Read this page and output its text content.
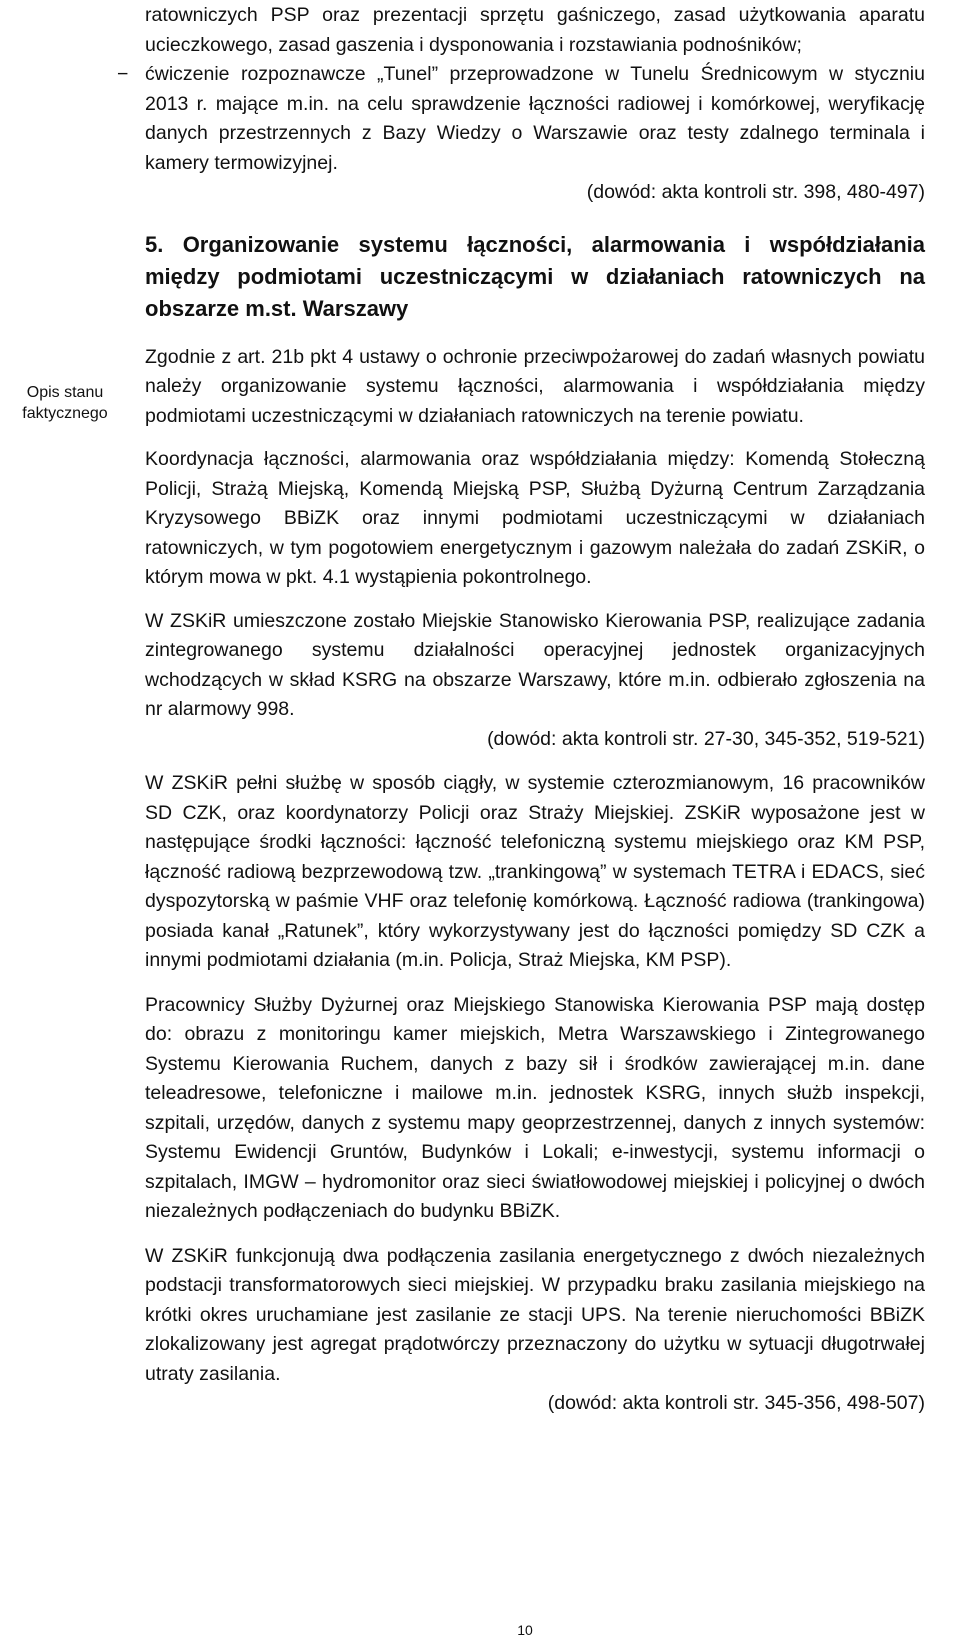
ratowniczych PSP oraz prezentacji sprzętu gaśniczego, zasad użytkowania aparatu ucieczkowego, zasad gaszenia i dysponowania i rozstawiania podnośników;

− ćwiczenie rozpoznawcze „Tunel” przeprowadzone w Tunelu Średnicowym w styczniu 2013 r. mające m.in. na celu sprawdzenie łączności radiowej i komórkowej, weryfikację danych przestrzennych z Bazy Wiedzy o Warszawie oraz testy zdalnego terminala i kamery termowizyjnej.

(dowód: akta kontroli str. 398, 480-497)

5. Organizowanie systemu łączności, alarmowania i współdziałania między podmiotami uczestniczącymi w działaniach ratowniczych na obszarze m.st. Warszawy

Zgodnie z art. 21b pkt 4 ustawy o ochronie przeciwpożarowej do zadań własnych powiatu należy organizowanie systemu łączności, alarmowania i współdziałania między podmiotami uczestniczącymi w działaniach ratowniczych na terenie powiatu.

Koordynacja łączności, alarmowania oraz współdziałania między: Komendą Stołeczną Policji, Strażą Miejską, Komendą Miejską PSP, Służbą Dyżurną Centrum Zarządzania Kryzysowego BBiZK oraz innymi podmiotami uczestniczącymi w działaniach ratowniczych, w tym pogotowiem energetycznym i gazowym należała do zadań ZSKiR, o którym mowa w pkt. 4.1 wystąpienia pokontrolnego.

W ZSKiR umieszczone zostało Miejskie Stanowisko Kierowania PSP, realizujące zadania zintegrowanego systemu działalności operacyjnej jednostek organizacyjnych wchodzących w skład KSRG na obszarze Warszawy, które m.in. odbierało zgłoszenia na nr alarmowy 998.

(dowód: akta kontroli str. 27-30, 345-352, 519-521)

W ZSKiR pełni służbę w sposób ciągły, w systemie czterozmianowym, 16 pracowników SD CZK, oraz koordynatorzy Policji oraz Straży Miejskiej. ZSKiR wyposażone jest w następujące środki łączności: łączność telefoniczną systemu miejskiego oraz KM PSP, łączność radiową bezprzewodową tzw. „trankingową” w systemach TETRA i EDACS, sieć dyspozytorską w paśmie VHF oraz telefonię komórkową. Łączność radiowa (trankingowa) posiada kanał „Ratunek”, który wykorzystywany jest do łączności pomiędzy SD CZK a innymi podmiotami działania (m.in. Policja, Straż Miejska, KM PSP).

Pracownicy Służby Dyżurnej oraz Miejskiego Stanowiska Kierowania PSP mają dostęp do: obrazu z monitoringu kamer miejskich, Metra Warszawskiego i Zintegrowanego Systemu Kierowania Ruchem, danych z bazy sił i środków zawierającej m.in. dane teleadresowe, telefoniczne i mailowe m.in. jednostek KSRG, innych służb inspekcji, szpitali, urzędów, danych z systemu mapy geoprzestrzennej, danych z innych systemów: Systemu Ewidencji Gruntów, Budynków i Lokali; e-inwestycji, systemu informacji o szpitalach, IMGW – hydromonitor oraz sieci światłowodowej miejskiej i policyjnej o dwóch niezależnych podłączeniach do budynku BBiZK.

W ZSKiR funkcjonują dwa podłączenia zasilania energetycznego z dwóch niezależnych podstacji transformatorowych sieci miejskiej. W przypadku braku zasilania miejskiego na krótki okres uruchamiane jest zasilanie ze stacji UPS. Na terenie nieruchomości BBiZK zlokalizowany jest agregat prądotwórczy przeznaczony do użytku w sytuacji długotrwałej utraty zasilania.

(dowód: akta kontroli str. 345-356, 498-507)

Opis stanu faktycznego
10
